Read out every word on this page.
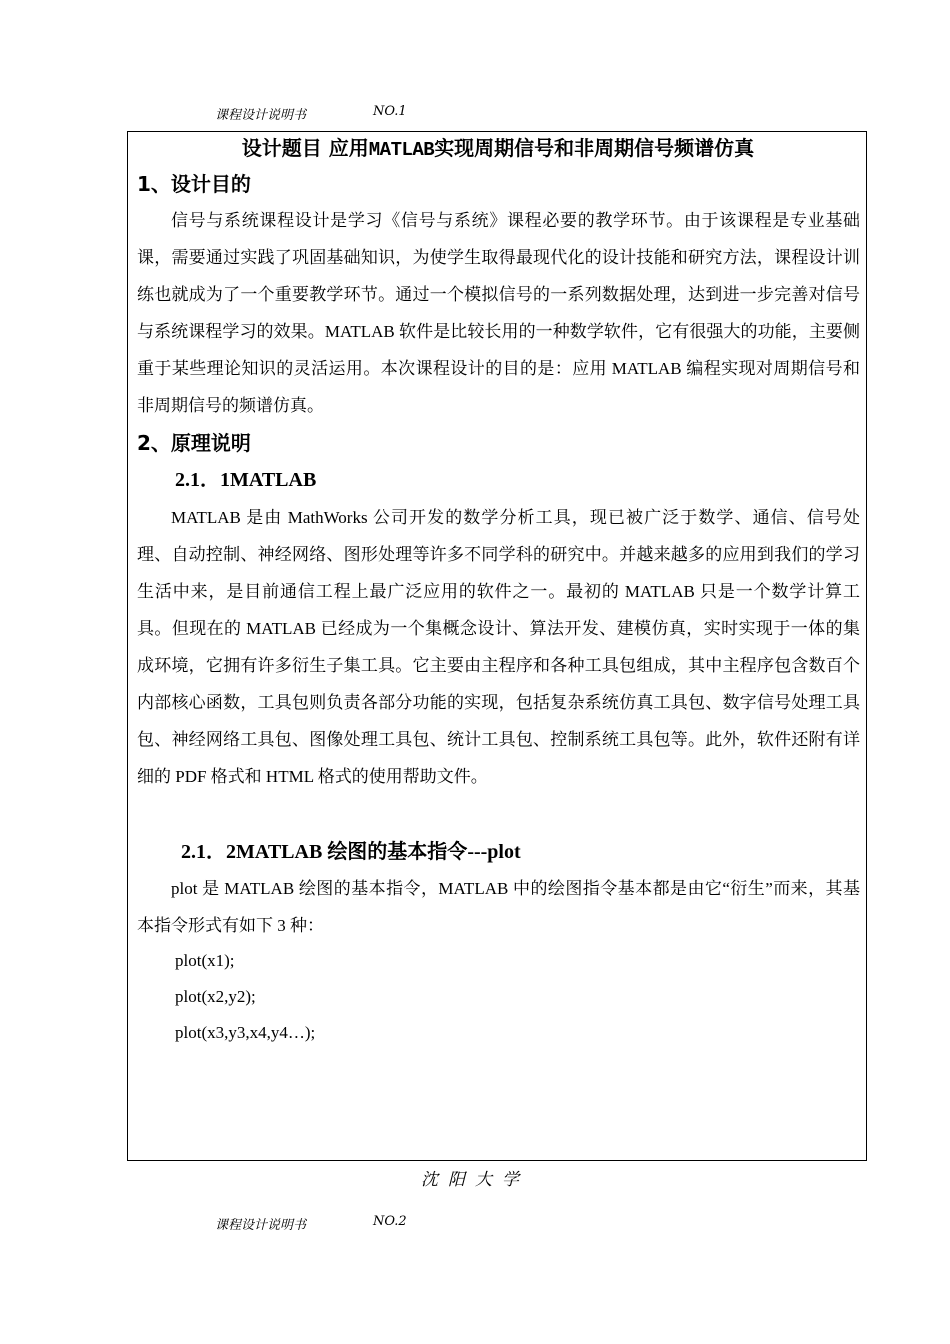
课程设计说明书	NO.1
设计题目 应用MATLAB实现周期信号和非周期信号频谱仿真
1、设计目的

信号与系统课程设计是学习《信号与系统》课程必要的教学环节。由于该课程是专业基础课，需要通过实践了巩固基础知识，为使学生取得最现代化的设计技能和研究方法，课程设计训练也就成为了一个重要教学环节。通过一个模拟信号的一系列数据处理，达到进一步完善对信号与系统课程学习的效果。MATLAB 软件是比较长用的一种数学软件，它有很强大的功能，主要侧重于某些理论知识的灵活运用。本次课程设计的目的是：应用 MATLAB 编程实现对周期信号和非周期信号的频谱仿真。

2、原理说明
2.1．1MATLAB

MATLAB 是由 MathWorks 公司开发的数学分析工具，现已被广泛于数学、通信、信号处理、自动控制、神经网络、图形处理等许多不同学科的研究中。并越来越多的应用到我们的学习生活中来，是目前通信工程上最广泛应用的软件之一。最初的 MATLAB 只是一个数学计算工具。但现在的 MATLAB 已经成为一个集概念设计、算法开发、建模仿真，实时实现于一体的集成环境，它拥有许多衍生子集工具。它主要由主程序和各种工具包组成，其中主程序包含数百个内部核心函数，工具包则负责各部分功能的实现，包括复杂系统仿真工具包、数字信号处理工具包、神经网络工具包、图像处理工具包、统计工具包、控制系统工具包等。此外，软件还附有详细的 PDF 格式和 HTML 格式的使用帮助文件。

2.1．2MATLAB 绘图的基本指令---plot

plot 是 MATLAB 绘图的基本指令，MATLAB 中的绘图指令基本都是由它“衍生”而来，其基本指令形式有如下 3 种：

plot(x1);
plot(x2,y2);
plot(x3,y3,x4,y4…);
沈阳大学
课程设计说明书	NO.2
